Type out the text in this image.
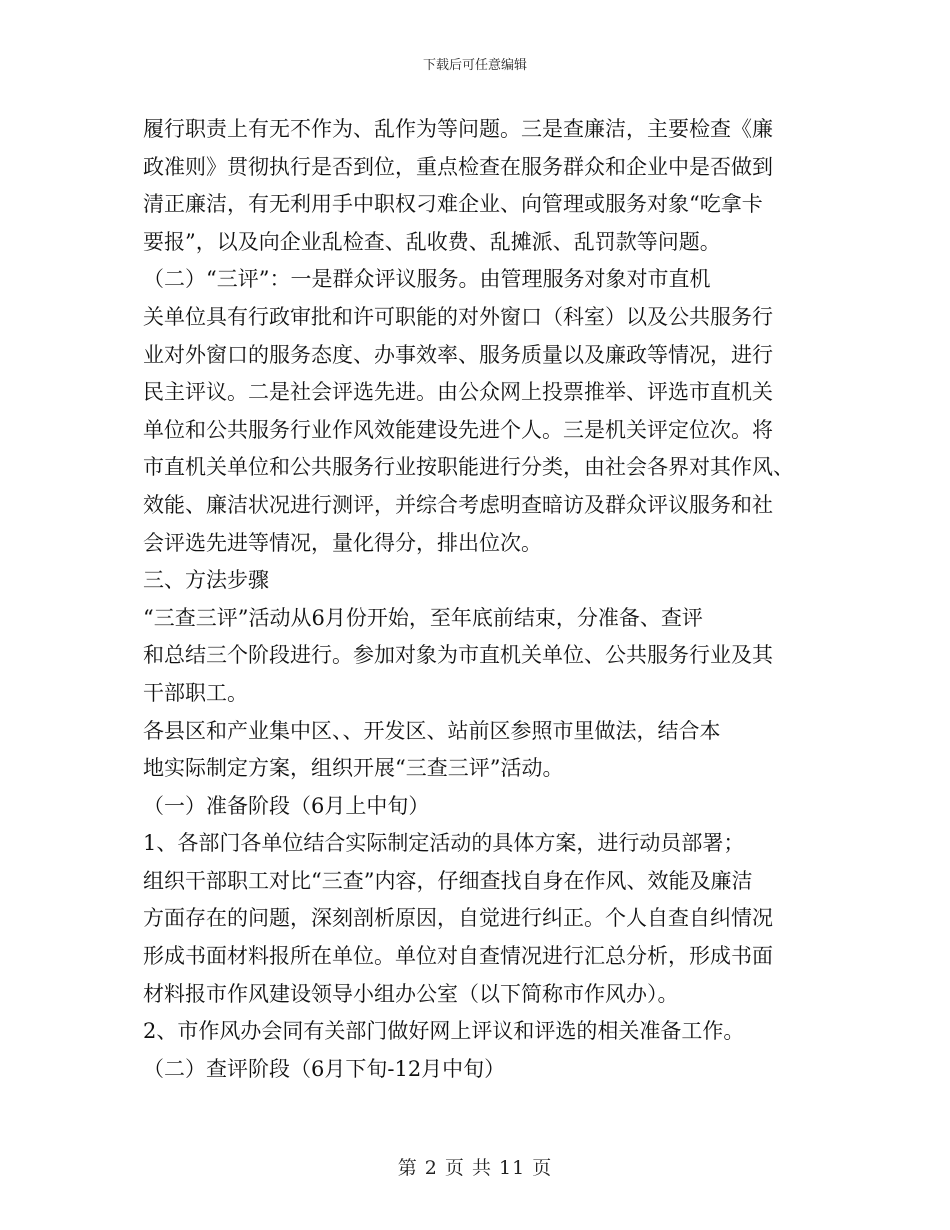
下载后可任意编辑
履行职责上有无不作为、乱作为等问题。三是查廉洁，主要检查《廉
政准则》贯彻执行是否到位，重点检查在服务群众和企业中是否做到
清正廉洁，有无利用手中职权刁难企业、向管理或服务对象“吃拿卡
要报”，以及向企业乱检查、乱收费、乱摊派、乱罚款等问题。
（二）“三评”：一是群众评议服务。由管理服务对象对市直机
关单位具有行政审批和许可职能的对外窗口（科室）以及公共服务行
业对外窗口的服务态度、办事效率、服务质量以及廉政等情况，进行
民主评议。二是社会评选先进。由公众网上投票推举、评选市直机关
单位和公共服务行业作风效能建设先进个人。三是机关评定位次。将
市直机关单位和公共服务行业按职能进行分类，由社会各界对其作风、
效能、廉洁状况进行测评，并综合考虑明查暗访及群众评议服务和社
会评选先进等情况，量化得分，排出位次。
三、方法步骤
“三查三评”活动从6月份开始，至年底前结束，分准备、查评
和总结三个阶段进行。参加对象为市直机关单位、公共服务行业及其
干部职工。
各县区和产业集中区、、开发区、站前区参照市里做法，结合本
地实际制定方案，组织开展“三查三评”活动。
（一）准备阶段（6月上中旬）
1、各部门各单位结合实际制定活动的具体方案，进行动员部署；
组织干部职工对比“三查”内容，仔细查找自身在作风、效能及廉洁
方面存在的问题，深刻剖析原因，自觉进行纠正。个人自查自纠情况
形成书面材料报所在单位。单位对自查情况进行汇总分析，形成书面
材料报市作风建设领导小组办公室（以下简称市作风办）。
2、市作风办会同有关部门做好网上评议和评选的相关准备工作。
（二）查评阶段（6月下旬-12月中旬）
第 2 页 共 11 页
